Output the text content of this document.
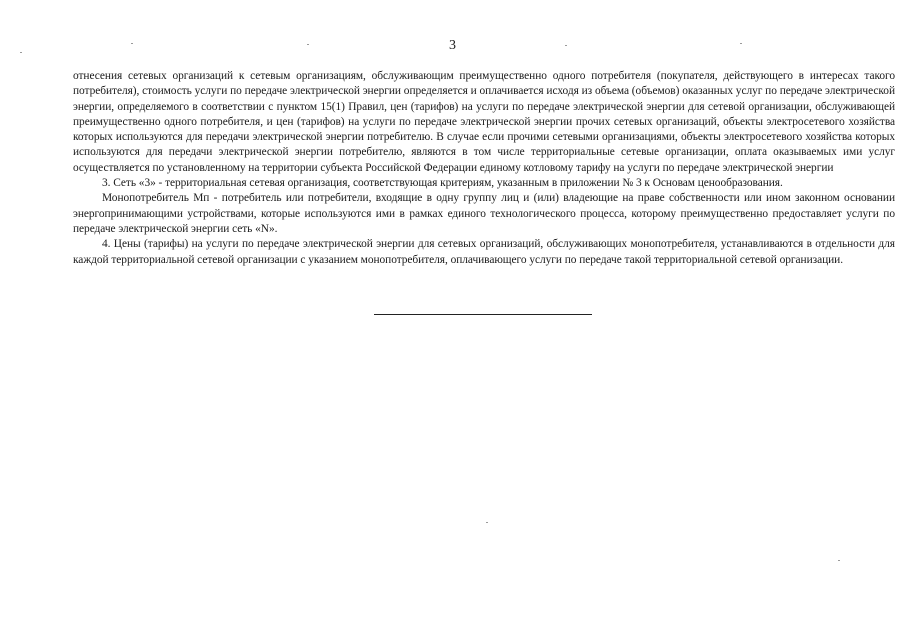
3

отнесения сетевых организаций к сетевым организациям, обслуживающим преимущественно одного потребителя (покупателя, действующего в интересах такого потребителя), стоимость услуги по передаче электрической энергии определяется и оплачивается исходя из объема (объемов) оказанных услуг по передаче электрической энергии, определяемого в соответствии с пунктом 15(1) Правил, цен (тарифов) на услуги по передаче электрической энергии для сетевой организации, обслуживающей преимущественно одного потребителя, и цен (тарифов) на услуги по передаче электрической энергии прочих сетевых организаций, объекты электросетевого хозяйства которых используются для передачи электрической энергии потребителю. В случае если прочими сетевыми организациями, объекты электросетевого хозяйства которых используются для передачи электрической энергии потребителю, являются в том числе территориальные сетевые организации, оплата оказываемых ими услуг осуществляется по установленному на территории субъекта Российской Федерации единому котловому тарифу на услуги по передаче электрической энергии

3. Сеть «3» - территориальная сетевая организация, соответствующая критериям, указанным в приложении № 3 к Основам ценообразования.

Монопотребитель Мп - потребитель или потребители, входящие в одну группу лиц и (или) владеющие на праве собственности или ином законном основании энергопринимающими устройствами, которые используются ими в рамках единого технологического процесса, которому преимущественно предоставляет услуги по передаче электрической энергии сеть «N».

4. Цены (тарифы) на услуги по передаче электрической энергии для сетевых организаций, обслуживающих монопотребителя, устанавливаются в отдельности для каждой территориальной сетевой организации с указанием монопотребителя, оплачивающего услуги по передаче такой территориальной сетевой организации.
